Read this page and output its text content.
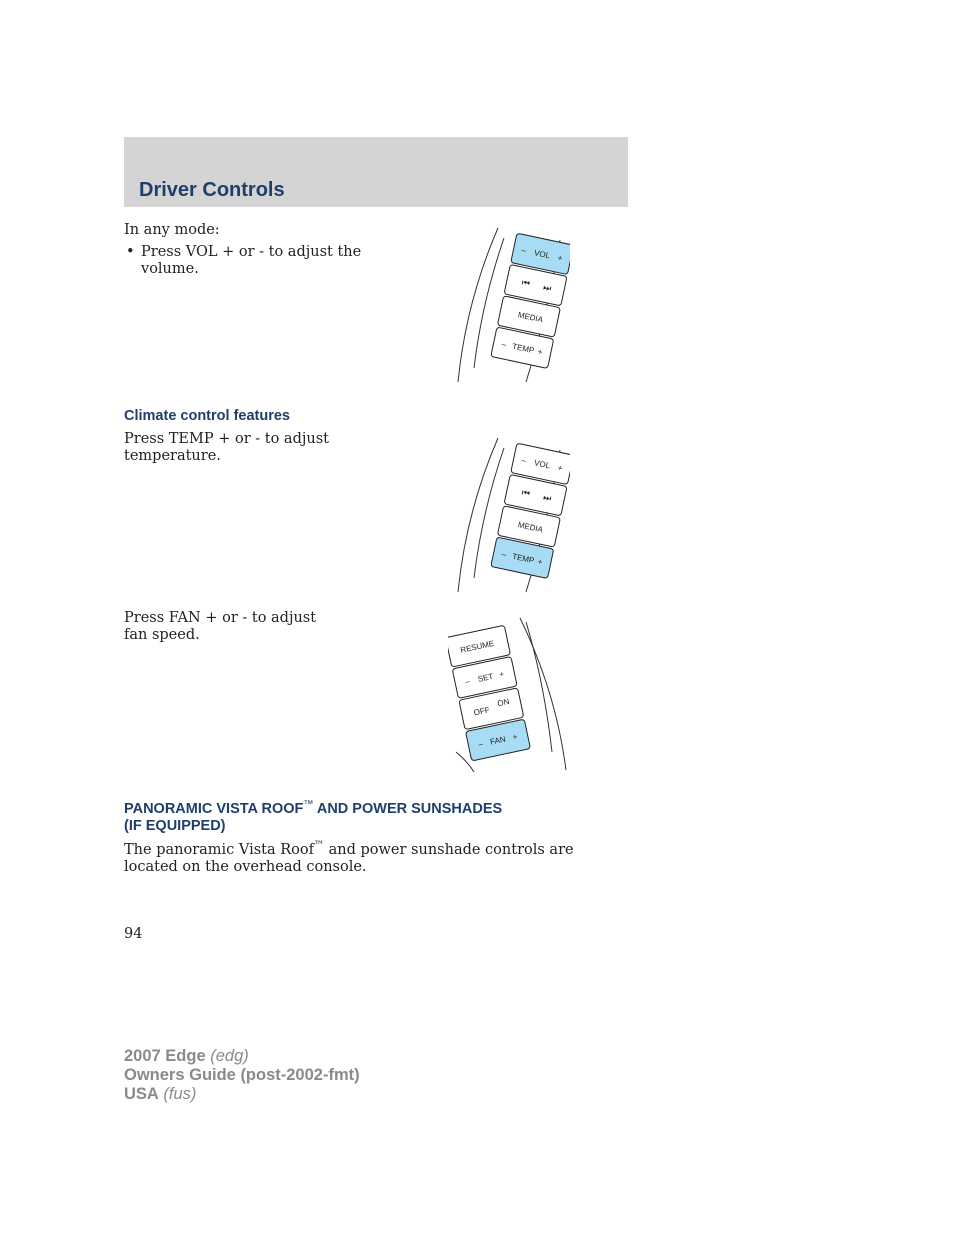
Driver Controls
In any mode:
• Press VOL + or - to adjust the volume.
– VOL +
⏮ ⏭
MEDIA
– TEMP +
Climate control features
Press TEMP + or - to adjust temperature.	– VOL +
⏮ ⏭
MEDIA
– TEMP +
Press FAN + or - to adjust fan speed.
RESUME
– SET +
OFF
ON
– FAN +
PANORAMIC VISTA ROOF™ AND POWER SUNSHADES
(IF EQUIPPED)
The panoramic Vista Roof™ and power sunshade controls are located on the overhead console.
94
2007 Edge (edg)
Owners Guide (post-2002-fmt)
USA (fus)
